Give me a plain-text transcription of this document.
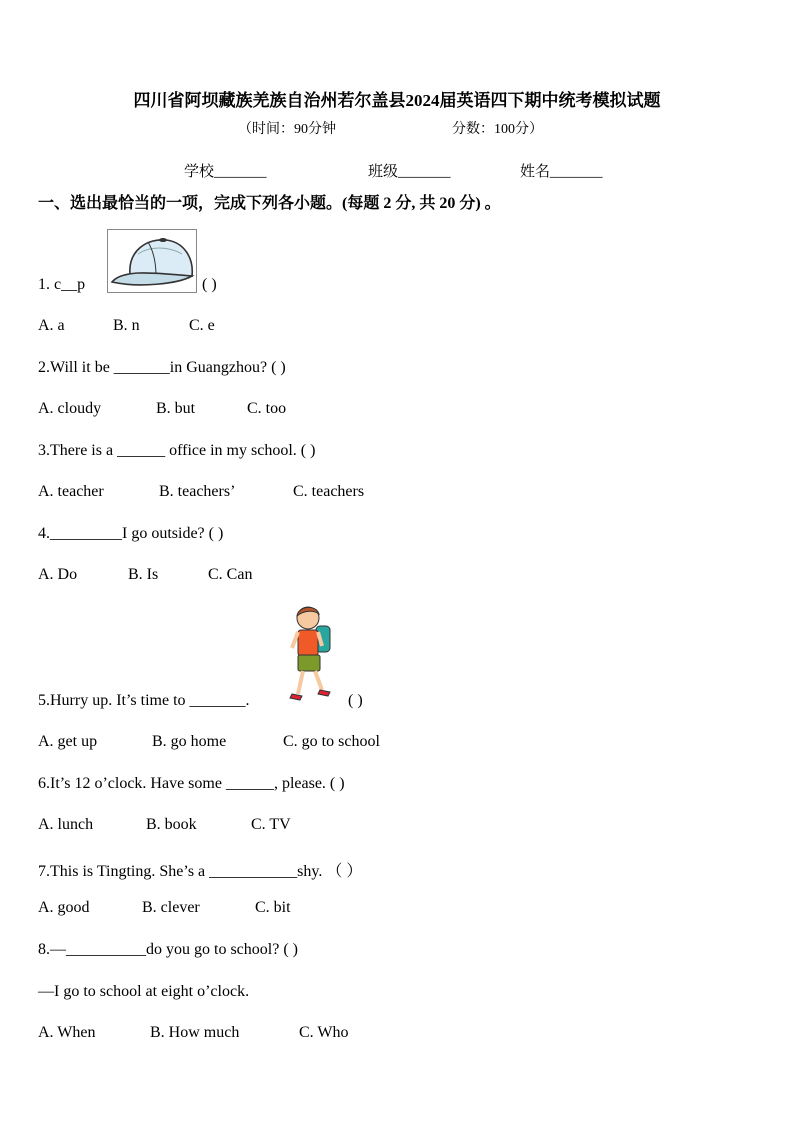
四川省阿坝藏族羌族自治州若尔盖县2024届英语四下期中统考模拟试题
（时间：90分钟	分数：100分）
学校_______	班级_______	姓名_______
一、选出最恰当的一项，完成下列各小题。(每题 2 分, 共 20 分) 。
1. c__p	( )
A. a	B. n	C. e
2.Will it be _______in Guangzhou? ( )
A. cloudy	B. but	C. too
3.There is a ______ office in my school. ( )
A. teacher	B. teachers’	C. teachers
4._________I go outside? ( )
A. Do	B. Is	C. Can
5.Hurry up. It’s time to _______.	( )
A. get up	B. go home	C. go to school
6.It’s 12 o’clock. Have some ______, please. ( )
A. lunch	B. book	C. TV
7.This is Tingting. She’s a ___________shy. （ ）
A. good	B. clever	C. bit
8.—__________do you go to school? ( )
—I go to school at eight o’clock.
A. When	B. How much	C. Who
